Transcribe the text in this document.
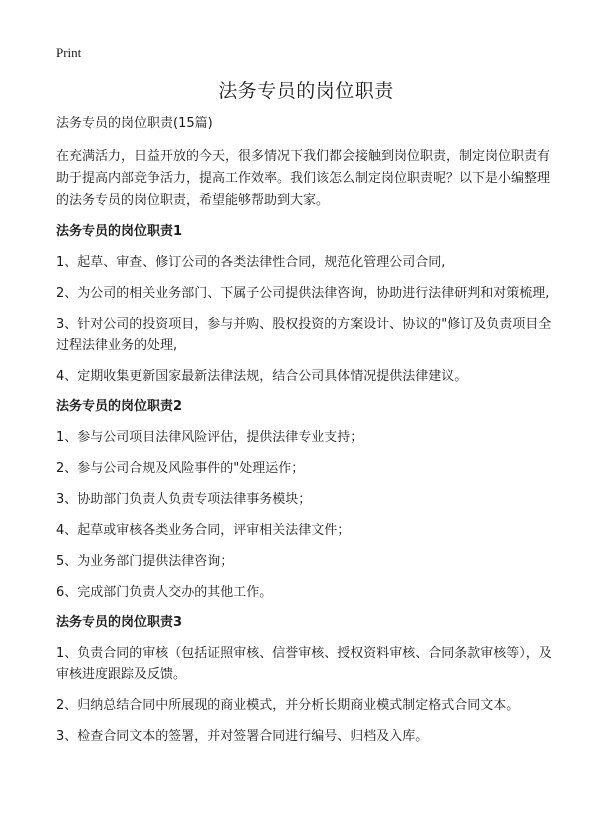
Print
法务专员的岗位职责
法务专员的岗位职责(15篇)

在充满活力，日益开放的今天，很多情况下我们都会接触到岗位职责，制定岗位职责有助于提高内部竞争活力，提高工作效率。我们该怎么制定岗位职责呢？以下是小编整理的法务专员的岗位职责，希望能够帮助到大家。

法务专员的岗位职责1

1、起草、审查、修订公司的各类法律性合同，规范化管理公司合同,

2、为公司的相关业务部门、下属子公司提供法律咨询，协助进行法律研判和对策梳理,

3、针对公司的投资项目，参与并购、股权投资的方案设计、协议的"修订及负责项目全过程法律业务的处理,

4、定期收集更新国家最新法律法规，结合公司具体情况提供法律建议。

法务专员的岗位职责2

1、参与公司项目法律风险评估，提供法律专业支持；

2、参与公司合规及风险事件的"处理运作；

3、协助部门负责人负责专项法律事务模块；

4、起草或审核各类业务合同，评审相关法律文件；

5、为业务部门提供法律咨询；

6、完成部门负责人交办的其他工作。

法务专员的岗位职责3

1、负责合同的审核（包括证照审核、信誉审核、授权资料审核、合同条款审核等），及审核进度跟踪及反馈。

2、归纳总结合同中所展现的商业模式，并分析长期商业模式制定格式合同文本。

3、检查合同文本的签署，并对签署合同进行编号、归档及入库。
